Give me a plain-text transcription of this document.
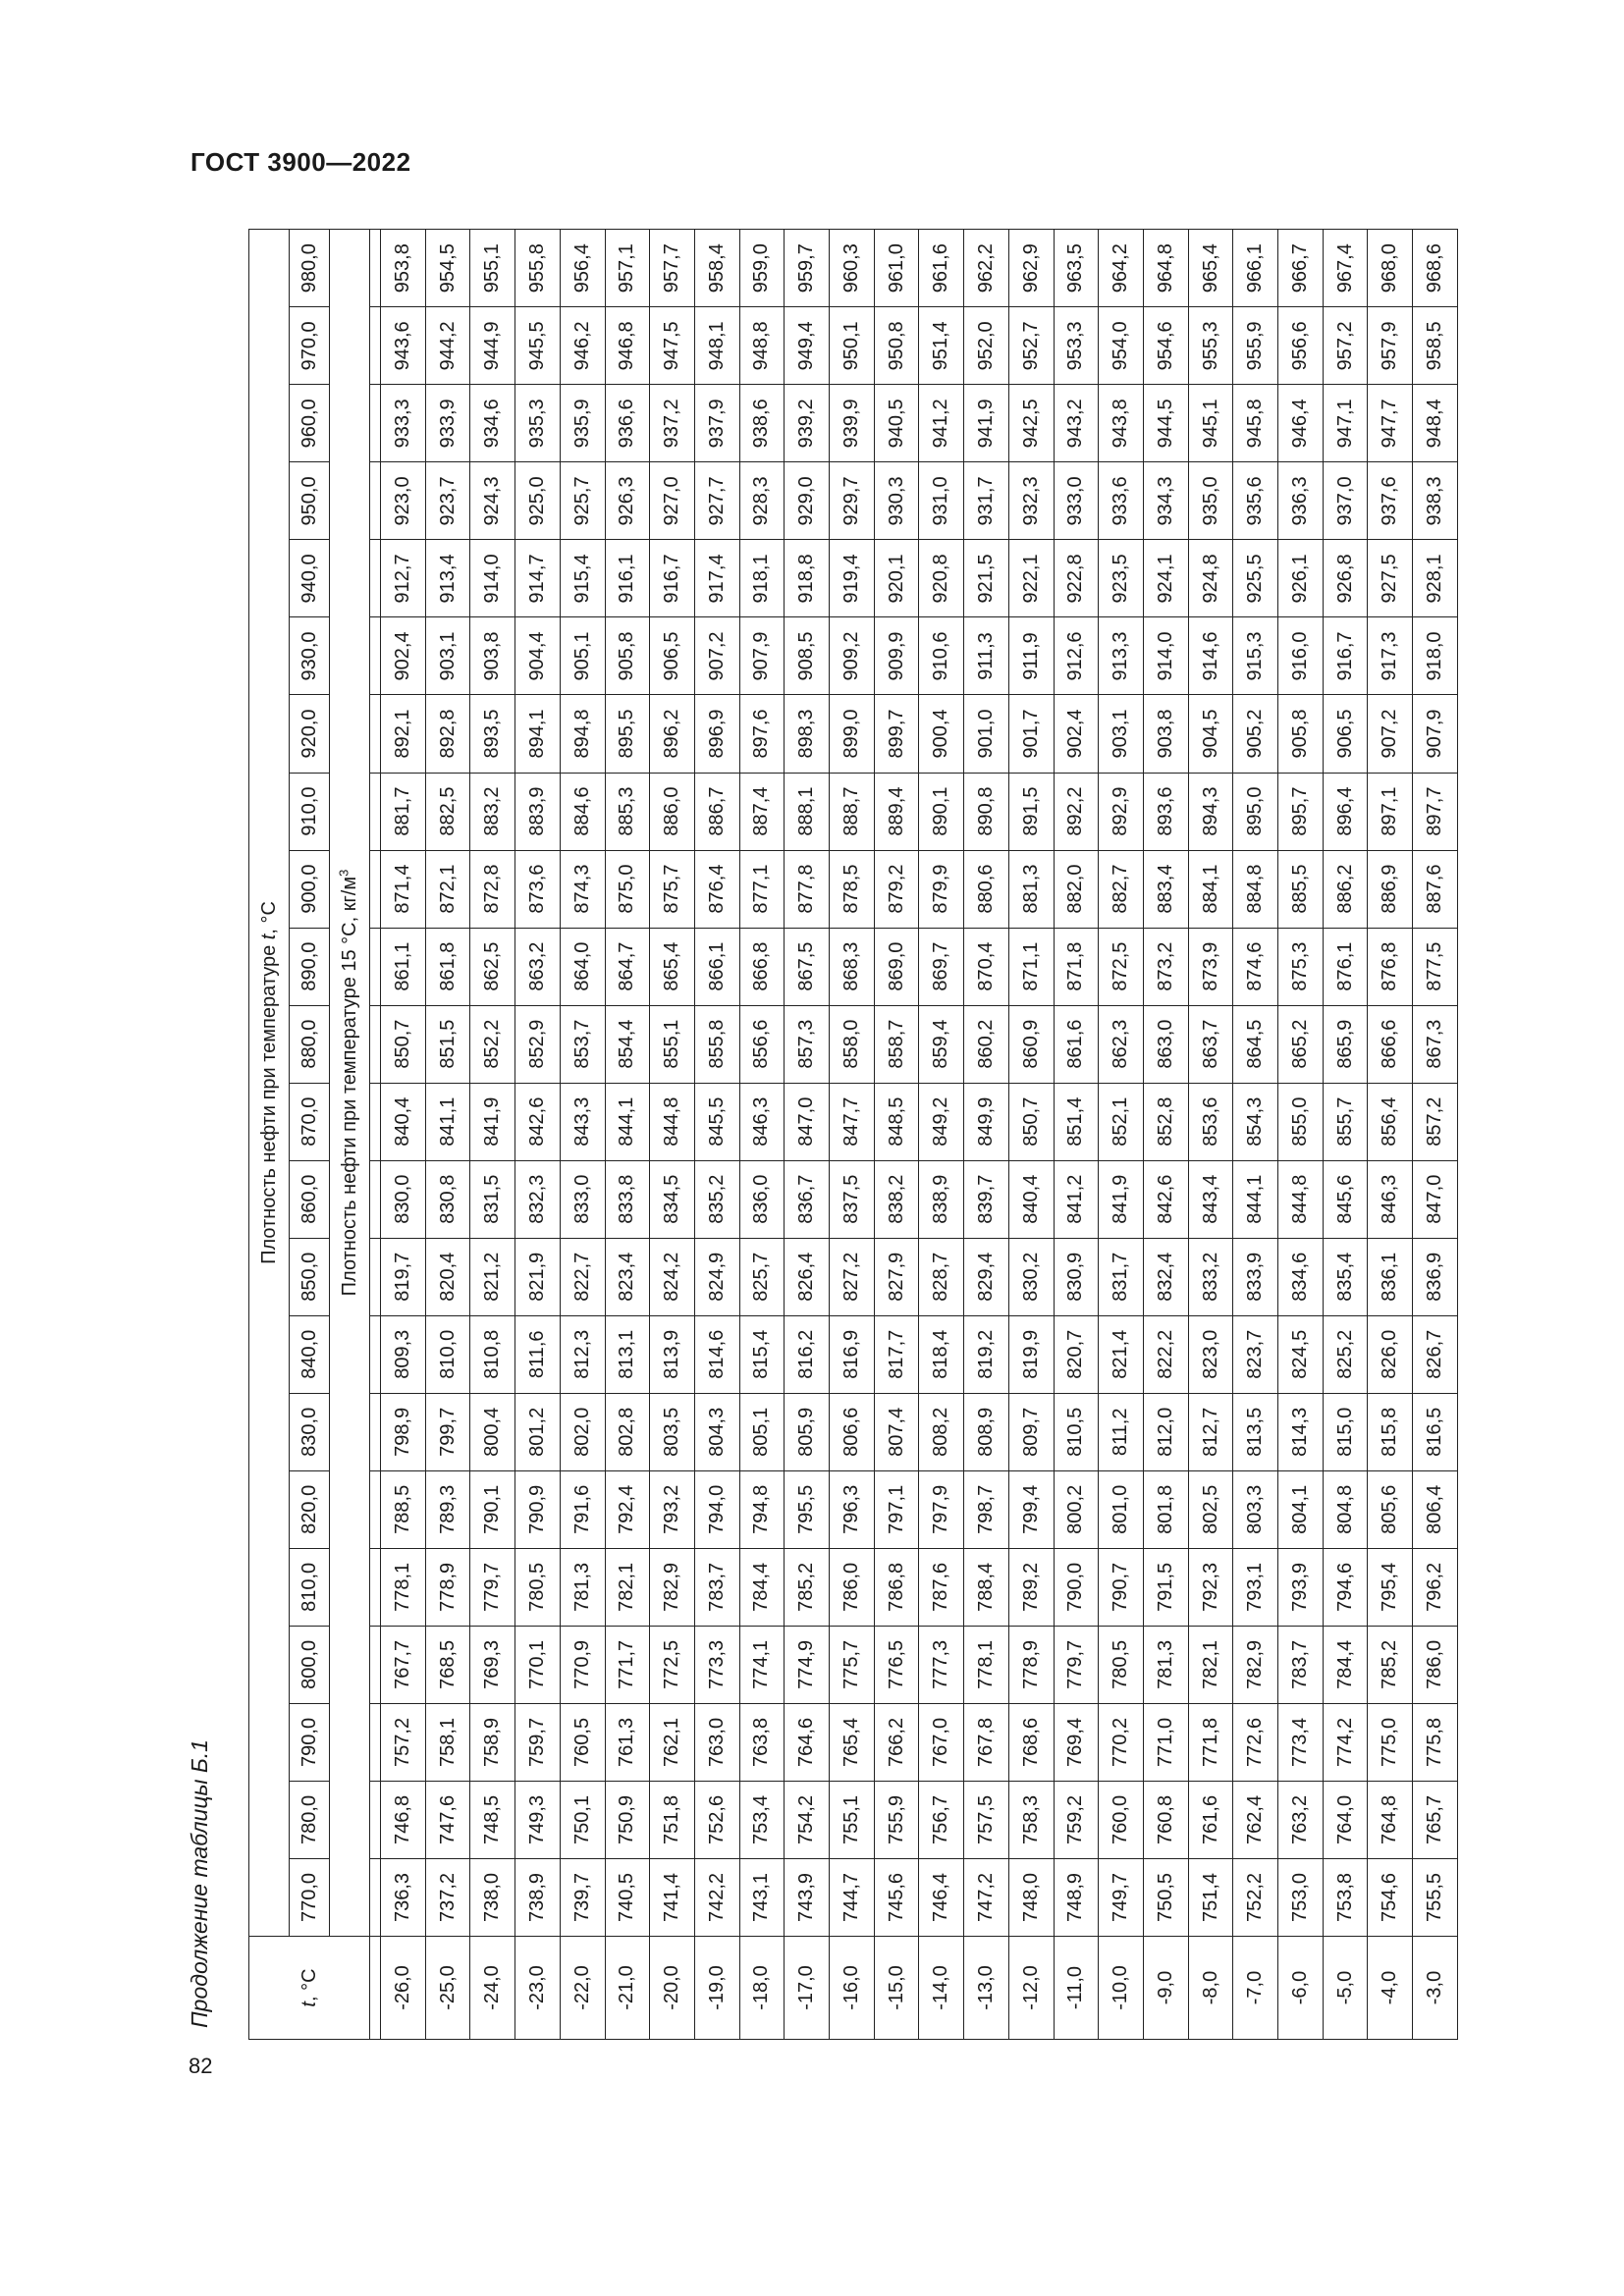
ГОСТ 3900—2022
Продолжение таблицы Б.1
82
t, °C	Плотность нефти при температуре t, °C																					
	770,0	780,0	790,0	800,0	810,0	820,0	830,0	840,0	850,0	860,0	870,0	880,0	890,0	900,0	910,0	920,0	930,0	940,0	950,0	960,0	970,0	980,0
	Плотность нефти при температуре 15 °С, $кг/м^3$

-26,0	736,3	746,8	757,2	767,7	778,1	788,5	798,9	809,3	819,7	830,0	840,4	850,7	861,1	871,4	881,7	892,1	902,4	912,7	923,0	933,3	943,6	953,8
-25,0	737,2	747,6	758,1	768,5	778,9	789,3	799,7	810,0	820,4	830,8	841,1	851,5	861,8	872,1	882,5	892,8	903,1	913,4	923,7	933,9	944,2	954,5
-24,0	738,0	748,5	758,9	769,3	779,7	790,1	800,4	810,8	821,2	831,5	841,9	852,2	862,5	872,8	883,2	893,5	903,8	914,0	924,3	934,6	944,9	955,1
-23,0	738,9	749,3	759,7	770,1	780,5	790,9	801,2	811,6	821,9	832,3	842,6	852,9	863,2	873,6	883,9	894,1	904,4	914,7	925,0	935,3	945,5	955,8
-22,0	739,7	750,1	760,5	770,9	781,3	791,6	802,0	812,3	822,7	833,0	843,3	853,7	864,0	874,3	884,6	894,8	905,1	915,4	925,7	935,9	946,2	956,4
-21,0	740,5	750,9	761,3	771,7	782,1	792,4	802,8	813,1	823,4	833,8	844,1	854,4	864,7	875,0	885,3	895,5	905,8	916,1	926,3	936,6	946,8	957,1
-20,0	741,4	751,8	762,1	772,5	782,9	793,2	803,5	813,9	824,2	834,5	844,8	855,1	865,4	875,7	886,0	896,2	906,5	916,7	927,0	937,2	947,5	957,7
-19,0	742,2	752,6	763,0	773,3	783,7	794,0	804,3	814,6	824,9	835,2	845,5	855,8	866,1	876,4	886,7	896,9	907,2	917,4	927,7	937,9	948,1	958,4
-18,0	743,1	753,4	763,8	774,1	784,4	794,8	805,1	815,4	825,7	836,0	846,3	856,6	866,8	877,1	887,4	897,6	907,9	918,1	928,3	938,6	948,8	959,0
-17,0	743,9	754,2	764,6	774,9	785,2	795,5	805,9	816,2	826,4	836,7	847,0	857,3	867,5	877,8	888,1	898,3	908,5	918,8	929,0	939,2	949,4	959,7
-16,0	744,7	755,1	765,4	775,7	786,0	796,3	806,6	816,9	827,2	837,5	847,7	858,0	868,3	878,5	888,7	899,0	909,2	919,4	929,7	939,9	950,1	960,3
-15,0	745,6	755,9	766,2	776,5	786,8	797,1	807,4	817,7	827,9	838,2	848,5	858,7	869,0	879,2	889,4	899,7	909,9	920,1	930,3	940,5	950,8	961,0
-14,0	746,4	756,7	767,0	777,3	787,6	797,9	808,2	818,4	828,7	838,9	849,2	859,4	869,7	879,9	890,1	900,4	910,6	920,8	931,0	941,2	951,4	961,6
-13,0	747,2	757,5	767,8	778,1	788,4	798,7	808,9	819,2	829,4	839,7	849,9	860,2	870,4	880,6	890,8	901,0	911,3	921,5	931,7	941,9	952,0	962,2
-12,0	748,0	758,3	768,6	778,9	789,2	799,4	809,7	819,9	830,2	840,4	850,7	860,9	871,1	881,3	891,5	901,7	911,9	922,1	932,3	942,5	952,7	962,9
-11,0	748,9	759,2	769,4	779,7	790,0	800,2	810,5	820,7	830,9	841,2	851,4	861,6	871,8	882,0	892,2	902,4	912,6	922,8	933,0	943,2	953,3	963,5
-10,0	749,7	760,0	770,2	780,5	790,7	801,0	811,2	821,4	831,7	841,9	852,1	862,3	872,5	882,7	892,9	903,1	913,3	923,5	933,6	943,8	954,0	964,2
-9,0	750,5	760,8	771,0	781,3	791,5	801,8	812,0	822,2	832,4	842,6	852,8	863,0	873,2	883,4	893,6	903,8	914,0	924,1	934,3	944,5	954,6	964,8
-8,0	751,4	761,6	771,8	782,1	792,3	802,5	812,7	823,0	833,2	843,4	853,6	863,7	873,9	884,1	894,3	904,5	914,6	924,8	935,0	945,1	955,3	965,4
-7,0	752,2	762,4	772,6	782,9	793,1	803,3	813,5	823,7	833,9	844,1	854,3	864,5	874,6	884,8	895,0	905,2	915,3	925,5	935,6	945,8	955,9	966,1
-6,0	753,0	763,2	773,4	783,7	793,9	804,1	814,3	824,5	834,6	844,8	855,0	865,2	875,3	885,5	895,7	905,8	916,0	926,1	936,3	946,4	956,6	966,7
-5,0	753,8	764,0	774,2	784,4	794,6	804,8	815,0	825,2	835,4	845,6	855,7	865,9	876,1	886,2	896,4	906,5	916,7	926,8	937,0	947,1	957,2	967,4
-4,0	754,6	764,8	775,0	785,2	795,4	805,6	815,8	826,0	836,1	846,3	856,4	866,6	876,8	886,9	897,1	907,2	917,3	927,5	937,6	947,7	957,9	968,0
-3,0	755,5	765,7	775,8	786,0	796,2	806,4	816,5	826,7	836,9	847,0	857,2	867,3	877,5	887,6	897,7	907,9	918,0	928,1	938,3	948,4	958,5	968,6
